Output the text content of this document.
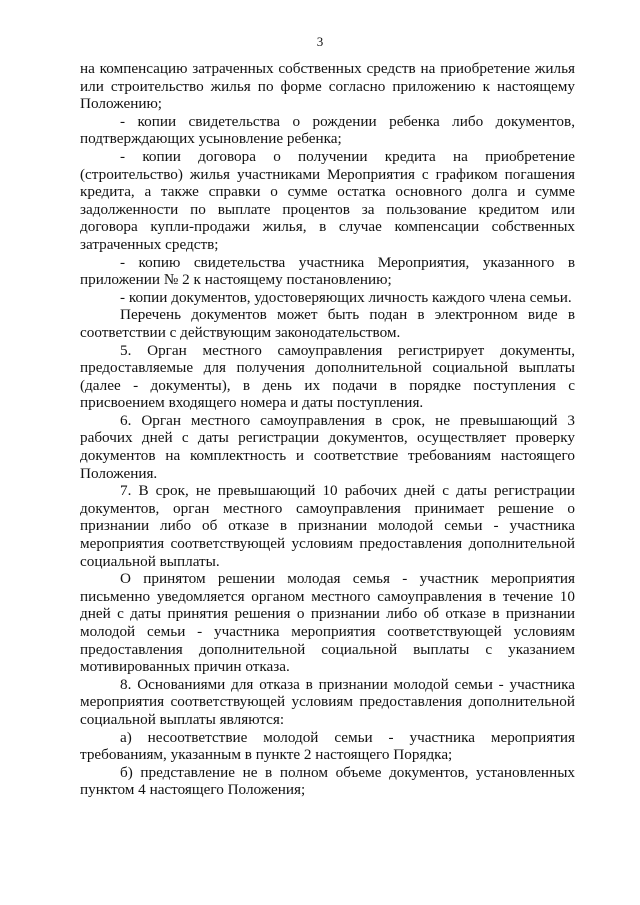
3

на компенсацию затраченных собственных средств на приобретение жилья или строительство жилья по форме согласно приложению к настоящему Положению;

- копии свидетельства о рождении ребенка либо документов, подтверждающих усыновление ребенка;

- копии договора о получении кредита на приобретение (строительство) жилья участниками Мероприятия с графиком погашения кредита, а также справки о сумме остатка основного долга и сумме задолженности по выплате процентов за пользование кредитом или договора купли-продажи жилья, в случае компенсации собственных затраченных средств;

- копию свидетельства участника Мероприятия, указанного в приложении № 2 к настоящему постановлению;

- копии документов, удостоверяющих личность каждого члена семьи.

Перечень документов может быть подан в электронном виде в соответствии с действующим законодательством.

5. Орган местного самоуправления регистрирует документы, предоставляемые для получения дополнительной социальной выплаты (далее - документы), в день их подачи в порядке поступления с присвоением входящего номера и даты поступления.

6. Орган местного самоуправления в срок, не превышающий 3 рабочих дней с даты регистрации документов, осуществляет проверку документов на комплектность и соответствие требованиям настоящего Положения.

7. В срок, не превышающий 10 рабочих дней с даты регистрации документов, орган местного самоуправления принимает решение о признании либо об отказе в признании молодой семьи - участника мероприятия соответствующей условиям предоставления дополнительной социальной выплаты.

О принятом решении молодая семья - участник мероприятия письменно уведомляется органом местного самоуправления в течение 10 дней с даты принятия решения о признании либо об отказе в признании молодой семьи - участника мероприятия соответствующей условиям предоставления дополнительной социальной выплаты с указанием мотивированных причин отказа.

8. Основаниями для отказа в признании молодой семьи - участника мероприятия соответствующей условиям предоставления дополнительной социальной выплаты являются:

а) несоответствие молодой семьи - участника мероприятия требованиям, указанным в пункте 2 настоящего Порядка;

б) представление не в полном объеме документов, установленных пунктом 4 настоящего Положения;
